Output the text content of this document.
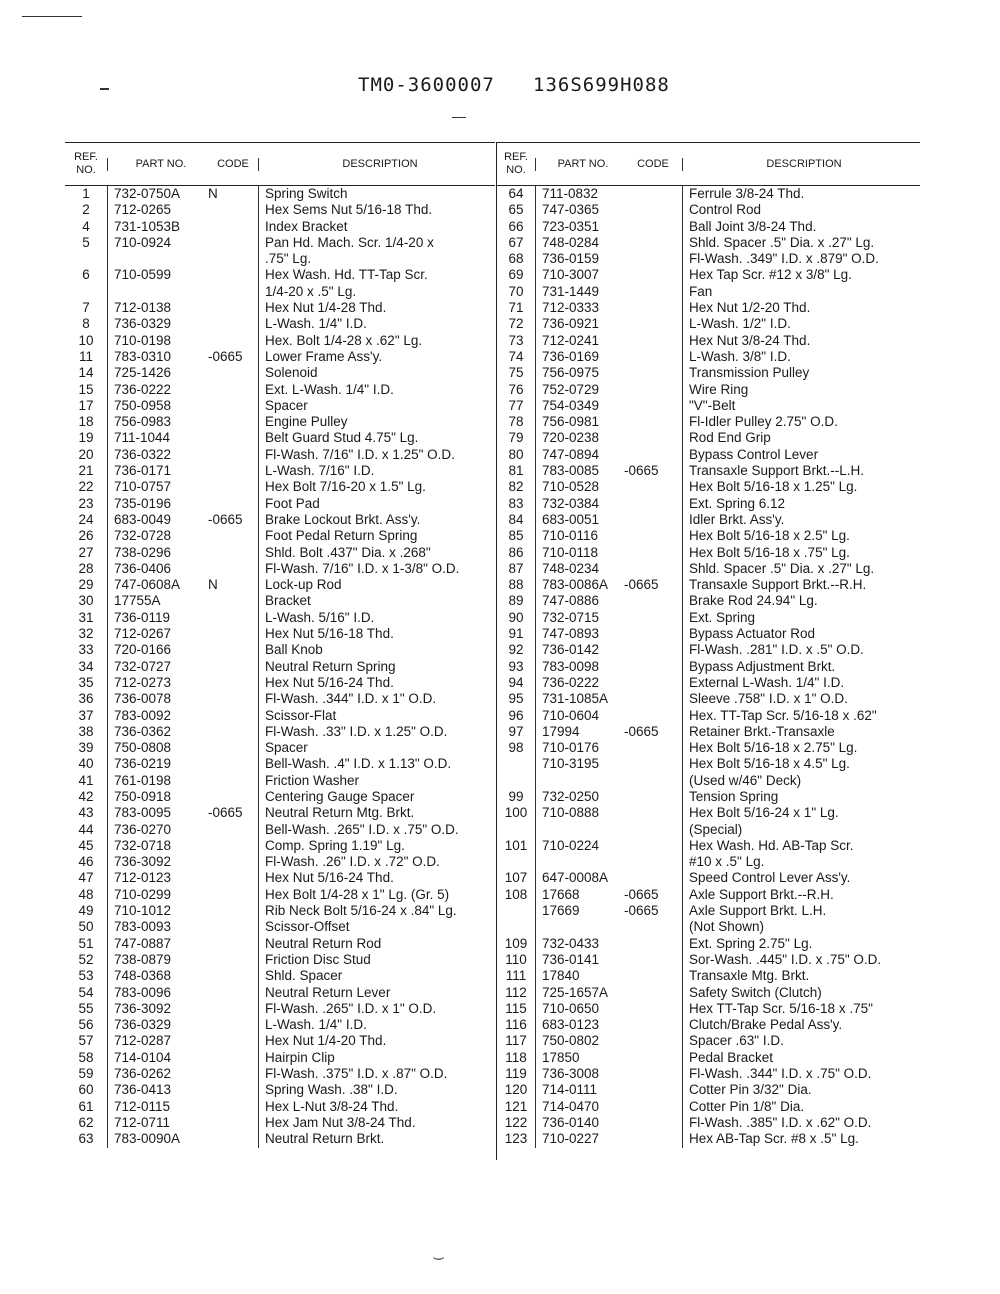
TM0-3600007 136S699H088
REF. NO.
PART NO.	CODE	DESCRIPTION
1	732-0750A	N	Spring Switch
2	712-0265	Hex Sems Nut 5/16-18 Thd.
4	731-1053B	Index Bracket
5	710-0924	Pan Hd. Mach. Scr. 1/4-20 x
.75" Lg.
6	710-0599	Hex Wash. Hd. TT-Tap Scr.
1/4-20 x .5" Lg.
7	712-0138	Hex Nut 1/4-28 Thd.
8	736-0329	L-Wash. 1/4" I.D.
10	710-0198	Hex. Bolt 1/4-28 x .62" Lg.
11	783-0310	-0665	Lower Frame Ass'y.
14	725-1426	Solenoid
15	736-0222	Ext. L-Wash. 1/4" I.D.
17	750-0958	Spacer
18	756-0983	Engine Pulley
19	711-1044	Belt Guard Stud 4.75" Lg.
20	736-0322	Fl-Wash. 7/16" I.D. x 1.25" O.D.
21	736-0171	L-Wash. 7/16" I.D.
22	710-0757	Hex Bolt 7/16-20 x 1.5" Lg.
23	735-0196	Foot Pad
24	683-0049	-0665	Brake Lockout Brkt. Ass'y.
26	732-0728	Foot Pedal Return Spring
27	738-0296	Shld. Bolt .437" Dia. x .268"
28	736-0406	Fl-Wash. 7/16" I.D. x 1-3/8" O.D.
29	747-0608A	N	Lock-up Rod
30	17755A	Bracket
31	736-0119	L-Wash. 5/16" I.D.
32	712-0267	Hex Nut 5/16-18 Thd.
33	720-0166	Ball Knob
34	732-0727	Neutral Return Spring
35	712-0273	Hex Nut 5/16-24 Thd.
36	736-0078	Fl-Wash. .344" I.D. x 1" O.D.
37	783-0092	Scissor-Flat
38	736-0362	Fl-Wash. .33" I.D. x 1.25" O.D.
39	750-0808	Spacer
40	736-0219	Bell-Wash. .4" I.D. x 1.13" O.D.
41	761-0198	Friction Washer
42	750-0918	Centering Gauge Spacer
43	783-0095	-0665	Neutral Return Mtg. Brkt.
44	736-0270	Bell-Wash. .265" I.D. x .75" O.D.
45	732-0718	Comp. Spring 1.19" Lg.
46	736-3092	Fl-Wash. .26" I.D. x .72" O.D.
47	712-0123	Hex Nut 5/16-24 Thd.
48	710-0299	Hex Bolt 1/4-28 x 1" Lg. (Gr. 5)
49	710-1012	Rib Neck Bolt 5/16-24 x .84" Lg.
50	783-0093	Scissor-Offset
51	747-0887	Neutral Return Rod
52	738-0879	Friction Disc Stud
53	748-0368	Shld. Spacer
54	783-0096	Neutral Return Lever
55	736-3092	Fl-Wash. .265" I.D. x 1" O.D.
56	736-0329	L-Wash. 1/4" I.D.
57	712-0287	Hex Nut 1/4-20 Thd.
58	714-0104	Hairpin Clip
59	736-0262	Fl-Wash. .375" I.D. x .87" O.D.
60	736-0413	Spring Wash. .38" I.D.
61	712-0115	Hex L-Nut 3/8-24 Thd.
62	712-0711	Hex Jam Nut 3/8-24 Thd.
63	783-0090A	Neutral Return Brkt.
REF. NO.
PART NO.	CODE	DESCRIPTION
64	711-0832	Ferrule 3/8-24 Thd.
65	747-0365	Control Rod
66	723-0351	Ball Joint 3/8-24 Thd.
67	748-0284	Shld. Spacer .5" Dia. x .27" Lg.
68	736-0159	Fl-Wash. .349" I.D. x .879" O.D.
69	710-3007	Hex Tap Scr. #12 x 3/8" Lg.
70	731-1449	Fan
71	712-0333	Hex Nut 1/2-20 Thd.
72	736-0921	L-Wash. 1/2" I.D.
73	712-0241	Hex Nut 3/8-24 Thd.
74	736-0169	L-Wash. 3/8" I.D.
75	756-0975	Transmission Pulley
76	752-0729	Wire Ring
77	754-0349	"V"-Belt
78	756-0981	Fl-Idler Pulley 2.75" O.D.
79	720-0238	Rod End Grip
80	747-0894	Bypass Control Lever
81	783-0085	-0665	Transaxle Support Brkt.--L.H.
82	710-0528	Hex Bolt 5/16-18 x 1.25" Lg.
83	732-0384	Ext. Spring 6.12
84	683-0051	Idler Brkt. Ass'y.
85	710-0116	Hex Bolt 5/16-18 x 2.5" Lg.
86	710-0118	Hex Bolt 5/16-18 x .75" Lg.
87	748-0234	Shld. Spacer .5" Dia. x .27" Lg.
88	783-0086A	-0665	Transaxle Support Brkt.--R.H.
89	747-0886	Brake Rod 24.94" Lg.
90	732-0715	Ext. Spring
91	747-0893	Bypass Actuator Rod
92	736-0142	Fl-Wash. .281" I.D. x .5" O.D.
93	783-0098	Bypass Adjustment Brkt.
94	736-0222	External L-Wash. 1/4" I.D.
95	731-1085A	Sleeve .758" I.D. x 1" O.D.
96	710-0604	Hex. TT-Tap Scr. 5/16-18 x .62"
97	17994	-0665	Retainer Brkt.-Transaxle
98	710-0176	Hex Bolt 5/16-18 x 2.75" Lg.
710-3195	Hex Bolt 5/16-18 x 4.5" Lg.
(Used w/46" Deck)
99	732-0250	Tension Spring
100	710-0888	Hex Bolt 5/16-24 x 1" Lg.
(Special)
101	710-0224	Hex Wash. Hd. AB-Tap Scr.
#10 x .5" Lg.
107	647-0008A	Speed Control Lever Ass'y.
108	17668	-0665	Axle Support Brkt.--R.H.
17669	-0665	Axle Support Brkt. L.H.
(Not Shown)
109	732-0433	Ext. Spring 2.75" Lg.
110	736-0141	Sor-Wash. .445" I.D. x .75" O.D.
111	17840	Transaxle Mtg. Brkt.
112	725-1657A	Safety Switch (Clutch)
115	710-0650	Hex TT-Tap Scr. 5/16-18 x .75"
116	683-0123	Clutch/Brake Pedal Ass'y.
117	750-0802	Spacer .63" I.D.
118	17850	Pedal Bracket
119	736-3008	Fl-Wash. .344" I.D. x .75" O.D.
120	714-0111	Cotter Pin 3/32" Dia.
121	714-0470	Cotter Pin 1/8" Dia.
122	736-0140	Fl-Wash. .385" I.D. x .62" O.D.
123	710-0227	Hex AB-Tap Scr. #8 x .5" Lg.
⌣
